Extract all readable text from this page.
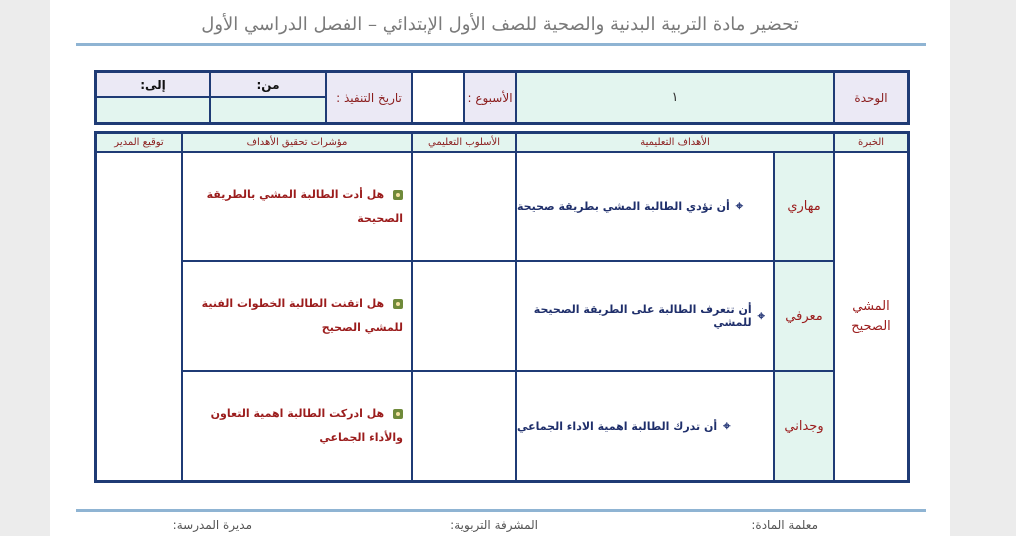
تحضير مادة التربية البدنية والصحية للصف الأول الإبتدائي – الفصل الدراسي الأول
الوحدة
١
الأسبوع :
تاريخ التنفيذ :
من:
إلى:
الخبرة
الأهداف التعليمية
الأسلوب التعليمي
مؤشرات تحقيق الأهداف
توقيع المدير
المشي الصحيح
مهاري
⌖
أن تؤدي الطالبة المشي بطريقة صحيحة
هل أدت الطالبة المشي بالطريقة الصحيحة
معرفي
⌖
أن تتعرف الطالبة على الطريقة الصحيحة للمشي
هل اتقنت الطالبة الخطوات الفنية للمشي الصحيح
وجداني
⌖
أن تدرك الطالبة اهمية الاداء الجماعي
هل ادركت الطالبة اهمية التعاون والأداء الجماعي
معلمة المادة:
المشرفة التربوية:
مديرة المدرسة:
